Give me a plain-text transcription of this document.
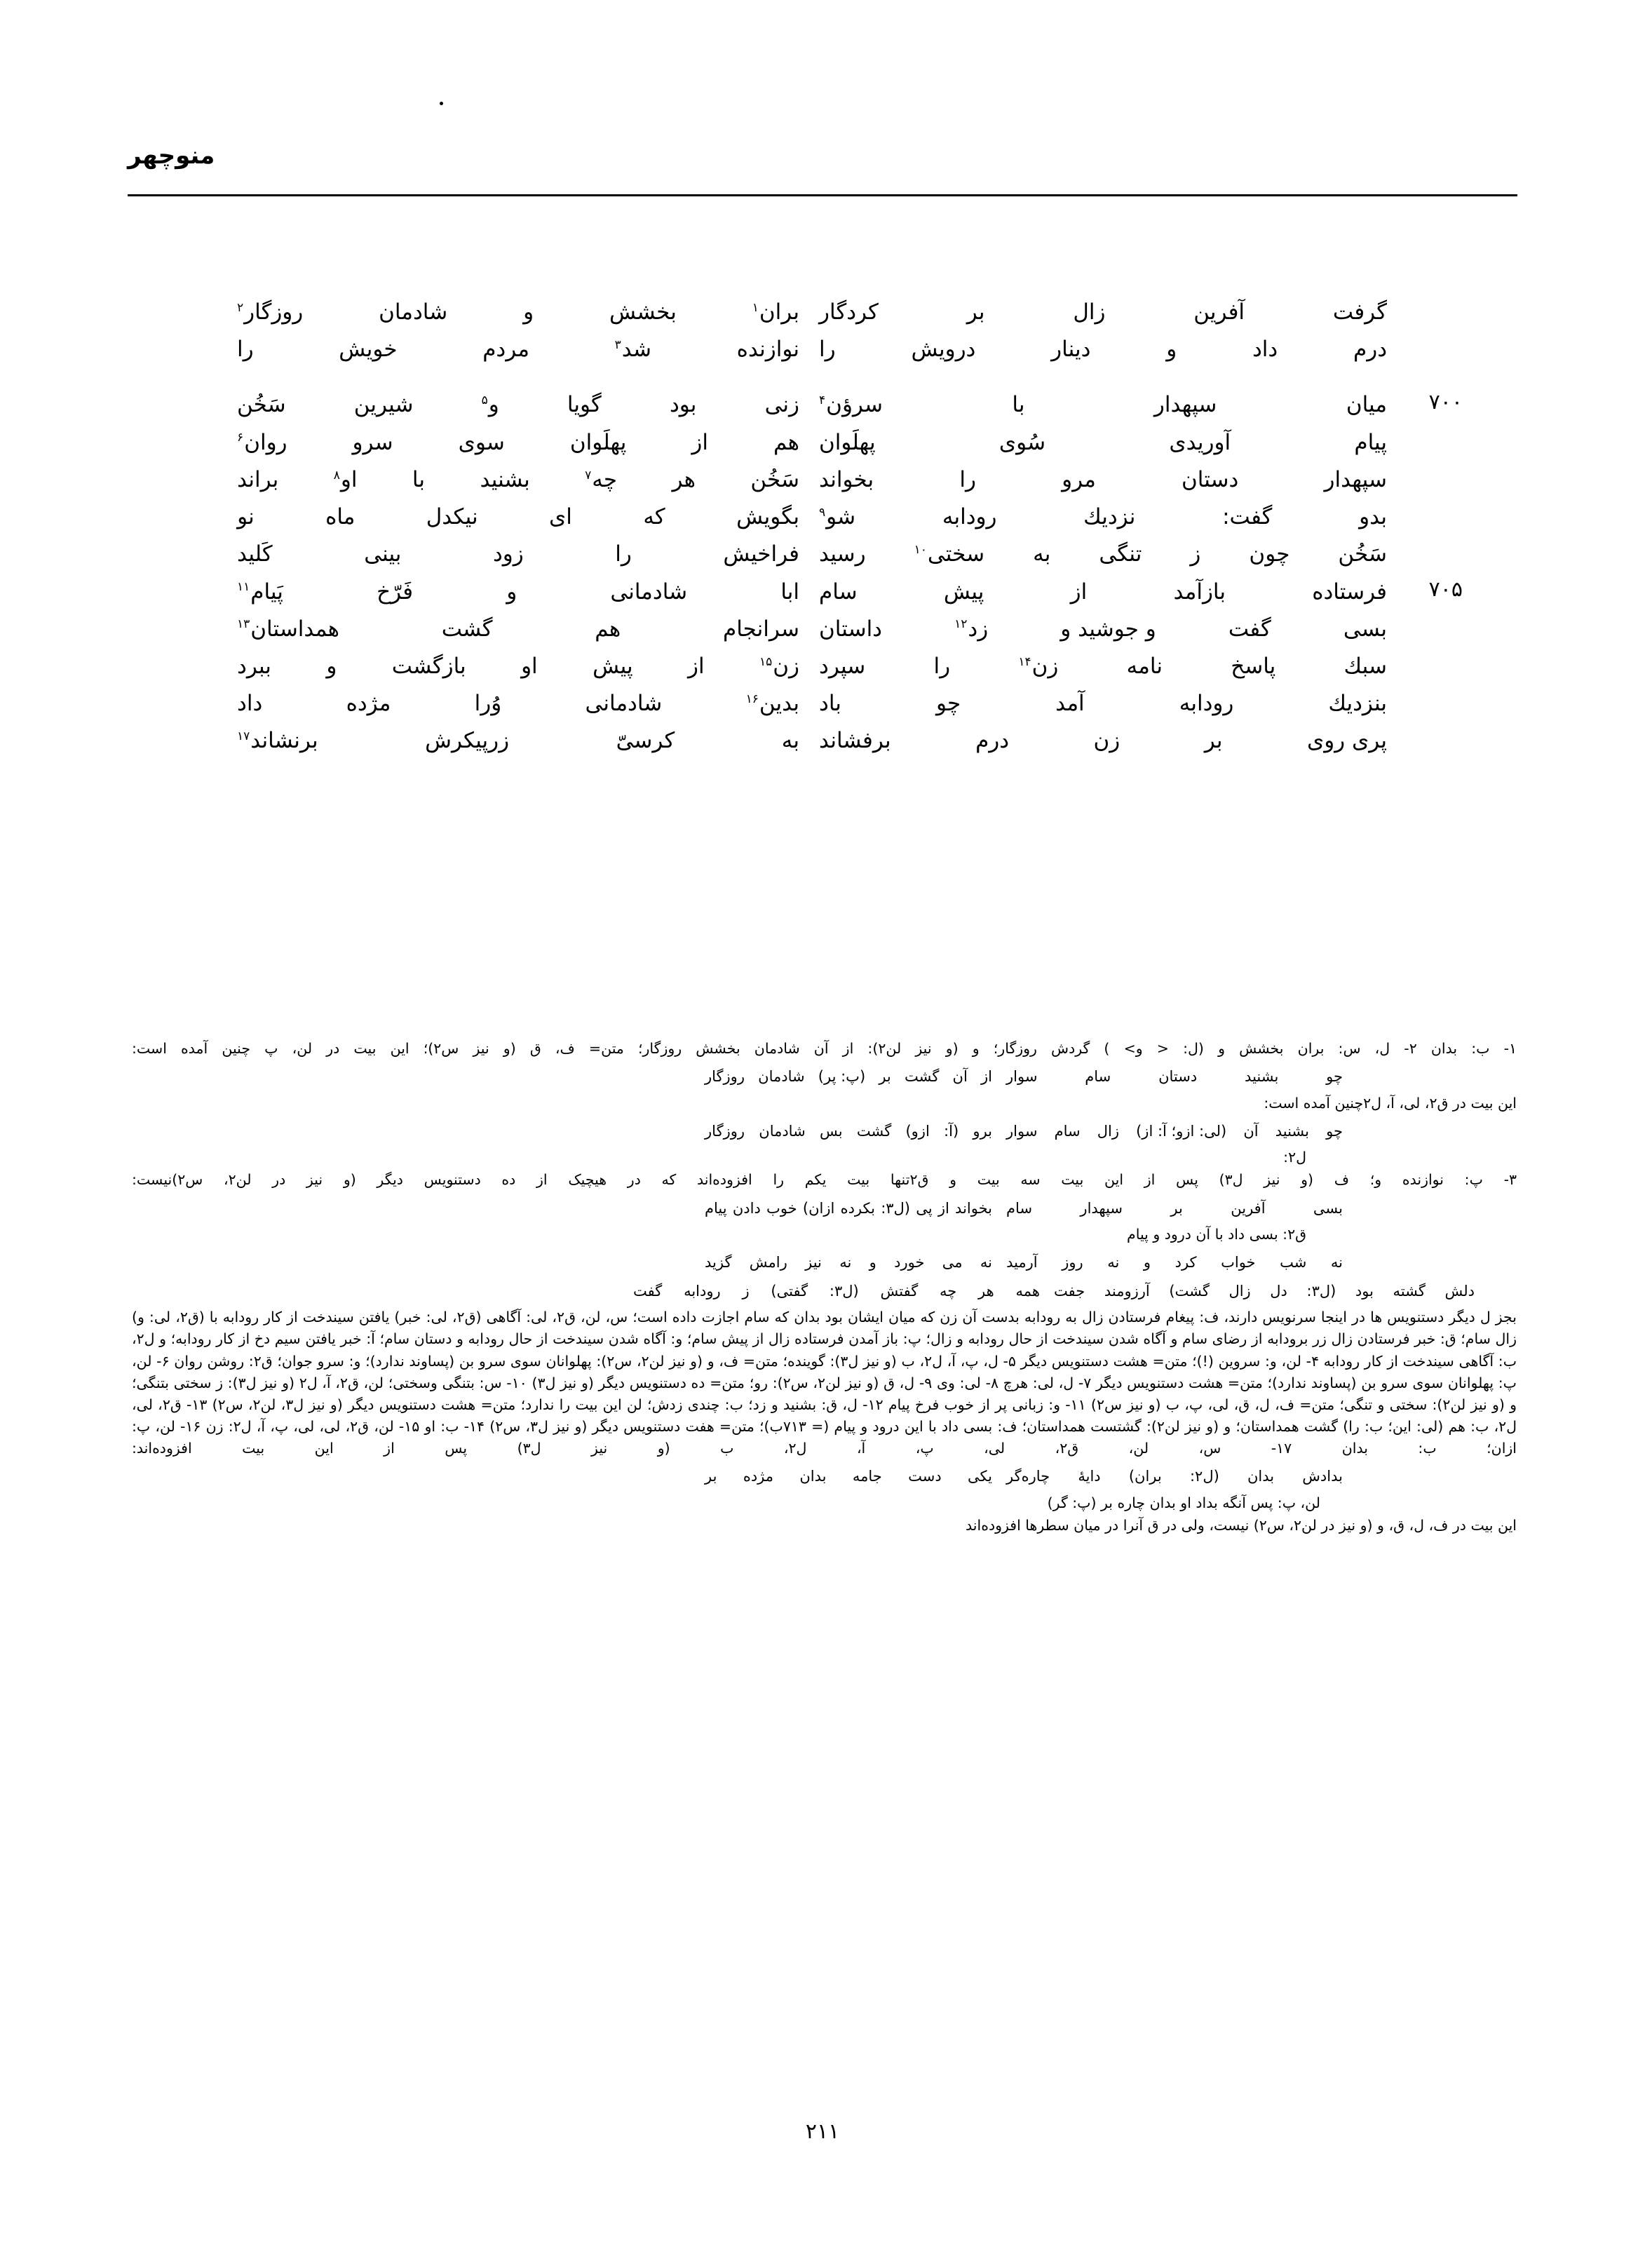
منوچهر
گرفت
آفرین
زال
بر
کردگار
بران$^۱$
بخشش
و
شادمان
روزگار$^۲$
درم
داد
و
دینار
درویش
را
نوازنده
شد$^۳$
مردم
خویش
را
۷۰۰
میان
سپهدار
با
سرؤن$^۴$
زنی
بود
گویا
و$^۵$
شیرین
سَخُن
پیام
آوریدی
سُوی
پهلَوان
هم
از
پهلَوان
سوی
سرو
روان$^۶$
سپهدار
دستان
مرو
را
بخواند
سَخُن
هر
چه$^۷$
بشنید
با
او$^۸$
براند
بدو
گفت:
نزدیك
رودابه
شو$^۹$
بگویش
که
ای
نیکدل
ماه
نو
سَخُن
چون
ز
تنگی
به
سختی$^{۱۰}$
رسید
فراخیش
را
زود
بینی
کَلید
۷۰۵
فرستاده
بازآمد
از
پیش
سام
ابا
شادمانی
و
فَرّخ
پَیام$^{۱۱}$
بسی
گفت
و جوشید و
زد$^{۱۲}$
داستان
سرانجام
هم
گشت
همداستان$^{۱۳}$
سبك
پاسخ
نامه
زن$^{۱۴}$
را
سپرد
زن$^{۱۵}$
از
پیش
او
بازگشت
و
ببرد
بنزدیك
رودابه
آمد
چو
باد
بدین$^{۱۶}$
شادمانی
وُرا
مژده
داد
پری روی
بر
زن
درم
برفشاند
به
کرسیّ
زرپیکرش
برنشاند$^{۱۷}$
۱- ب: بدان ۲- ل، س: بران بخشش و (ل: < و> ) گردش روزگار؛ و (و نیز لن۲): از آن شادمان بخشش روزگار؛ متن= ف، ق (و نیز س۲)؛ این بیت در لن، پ چنین آمده است:
چو
بشنید
دستان
سام
سوار
از
آن
گشت
بر
(پ: پر)
شادمان
روزگار
این بیت در ق۲، لی، آ، ل۲چنین آمده است:
چو
بشنید
آن
(لی: ازو؛ آ: از)
زال
سام
سوار
برو
(آ:
ازو)
گشت
بس
شادمان
روزگار
ل۲:
۳- پ: نوازنده و؛ ف (و نیز ل۳) پس از این بیت سه بیت و ق۲تنها بیت یکم را افزوده‌اند که در هیچیک از ده دستنویس دیگر (و نیز در لن۲، س۲)نیست:
بسی
آفرین
بر
سپهدار
سام
بخواند
از
پی
(ل۳:
بکرده
ازان)
خوب
دادن
پیام
ق۲: بسی داد با آن درود و پیام
نه
شب
خواب
کرد
و
نه
روز
آرمید
نه
می
خورد
و
نه
نیز
رامش
گزید
دلش
گشته
بود
(ل۳:
دل
زال
گشت)
آرزومند
جفت
همه
هر
چه
گفتش
(ل۳:
گفتی)
ز
رودابه
گفت
بجز ل دیگر دستنویس ها در اینجا سرنویس دارند، ف: پیغام فرستادن زال به رودابه بدست آن زن که میان ایشان بود بدان که سام اجازت داده است؛ س، لن، ق۲، لی: آگاهی (ق۲، لی: خبر) یافتن سیندخت از کار رودابه با (ق۲، لی: و) زال سام؛ ق: خبر فرستادن زال زر برودابه از رضای سام و آگاه شدن سیندخت از حال رودابه و زال؛ پ: باز آمدن فرستاده زال از پیش سام؛ و: آگاه شدن سیندخت از حال رودابه و دستان سام؛ آ: خبر یافتن سیم دخ از کار رودابه؛ و ل۲، ب: آگاهی سیندخت از کار رودابه ۴- لن، و: سروین (!)؛ متن= هشت دستنویس دیگر ۵- ل، پ، آ، ل۲، ب (و نیز ل۳): گوینده؛ متن= ف، و (و نیز لن۲، س۲): پهلوانان سوی سرو بن (پساوند ندارد)؛ و: سرو جوان؛ ق۲: روشن روان ۶- لن، پ: پهلوانان سوی سرو بن (پساوند ندارد)؛ متن= هشت دستنویس دیگر ۷- ل، لی: هرچ ۸- لی: وی ۹- ل، ق (و نیز لن۲، س۲): رو؛ متن= ده دستنویس دیگر (و نیز ل۳) ۱۰- س: بتنگی وسختی؛ لن، ق۲، آ، ل۲ (و نیز ل۳): ز سختی بتنگی؛ و (و نیز لن۲): سختی و تنگی؛ متن= ف، ل، ق، لی، پ، ب (و نیز س۲) ۱۱- و: زبانی پر از خوب فرخ پیام ۱۲- ل، ق: بشنید و زد؛ ب: چندی زدش؛ لن این بیت را ندارد؛ متن= هشت دستنویس دیگر (و نیز ل۳، لن۲، س۲) ۱۳- ق۲، لی، ل۲، ب: هم (لی: این؛ ب: را) گشت همداستان؛ و (و نیز لن۲): گشتست همداستان؛ ف: بسی داد با این درود و پیام (= ۷۱۳ب)؛ متن= هفت دستنویس دیگر (و نیز ل۳، س۲) ۱۴- ب: او ۱۵- لن، ق۲، لی، لی، پ، آ، ل۲: زن ۱۶- لن، پ: ازان؛ ب: بدان ۱۷- س، لن، ق۲، لی، پ، آ، ل۲، ب (و نیز ل۳) پس از این بیت افزوده‌اند:
بدادش
بدان
(ل۲:
بران)
دایهٔ
چاره‌گر
یکی
دست
جامه
بدان
مژده
بر
لن، پ: پس آنگه بداد او بدان چاره بر (پ: گر)
این بیت در ف، ل، ق، و (و نیز در لن۲، س۲) نیست، ولی در ق آنرا در میان سطرها افزوده‌اند
۲۱۱
